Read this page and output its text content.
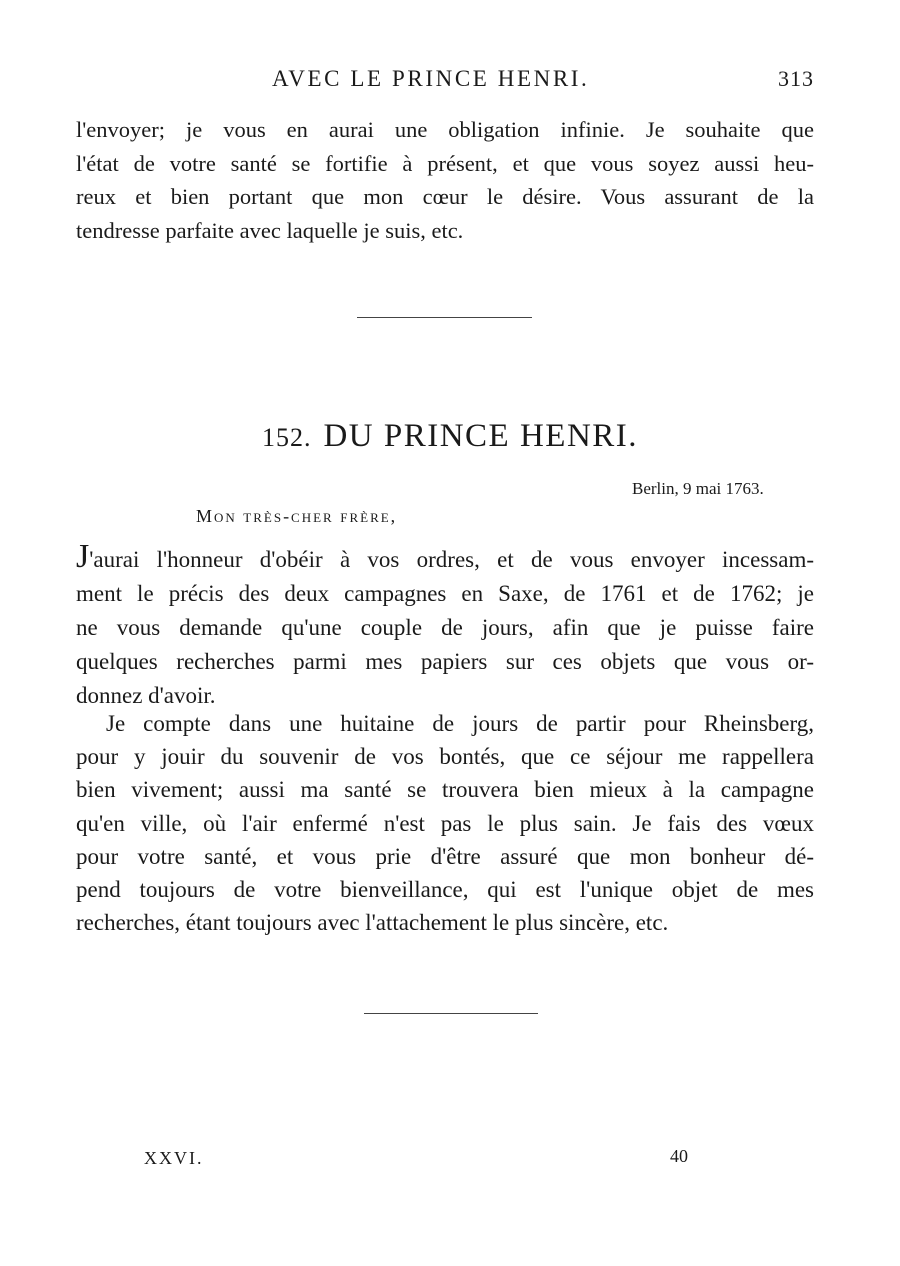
AVEC LE PRINCE HENRI.	313
l'envoyer; je vous en aurai une obligation infinie. Je souhaite que
l'état de votre santé se fortifie à présent, et que vous soyez aussi heu-
reux et bien portant que mon cœur le désire. Vous assurant de la
tendresse parfaite avec laquelle je suis, etc.
152. DU PRINCE HENRI.
Berlin, 9 mai 1763.
Mon très-cher frère,
J'aurai l'honneur d'obéir à vos ordres, et de vous envoyer incessam-
ment le précis des deux campagnes en Saxe, de 1761 et de 1762; je
ne vous demande qu'une couple de jours, afin que je puisse faire
quelques recherches parmi mes papiers sur ces objets que vous or-
donnez d'avoir.
Je compte dans une huitaine de jours de partir pour Rheinsberg,
pour y jouir du souvenir de vos bontés, que ce séjour me rappellera
bien vivement; aussi ma santé se trouvera bien mieux à la campagne
qu'en ville, où l'air enfermé n'est pas le plus sain. Je fais des vœux
pour votre santé, et vous prie d'être assuré que mon bonheur dé-
pend toujours de votre bienveillance, qui est l'unique objet de mes
recherches, étant toujours avec l'attachement le plus sincère, etc.
XXVI.	40
